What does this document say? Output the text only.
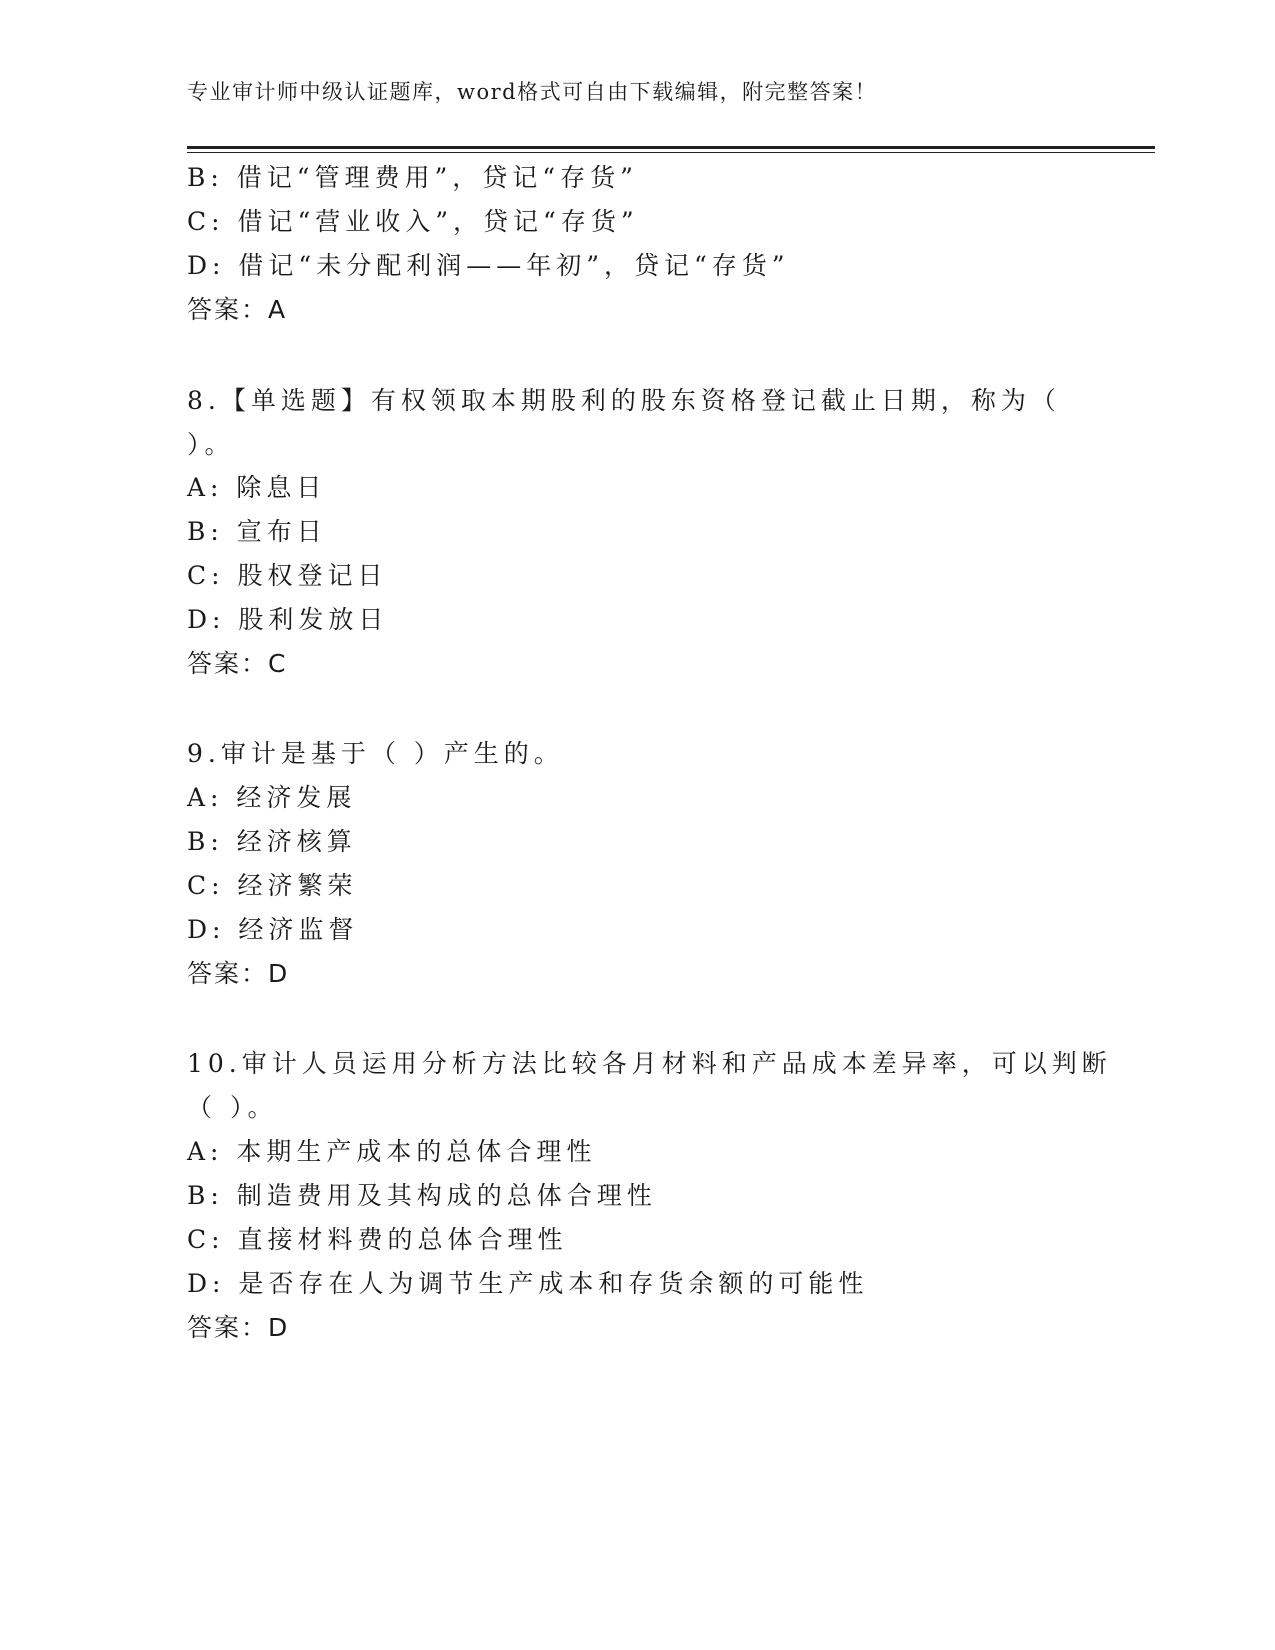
专业审计师中级认证题库，word格式可自由下载编辑，附完整答案！
B: 借记“管理费用”，贷记“存货”
C: 借记“营业收入”，贷记“存货”
D: 借记“未分配利润——年初”，贷记“存货”
答案：A
8.【单选题】有权领取本期股利的股东资格登记截止日期，称为（
）。
A: 除息日
B: 宣布日
C: 股权登记日
D: 股利发放日
答案：C
9.审计是基于（ ）产生的。
A: 经济发展
B: 经济核算
C: 经济繁荣
D: 经济监督
答案：D
10.审计人员运用分析方法比较各月材料和产品成本差异率，可以判断
（ ）。
A: 本期生产成本的总体合理性
B: 制造费用及其构成的总体合理性
C: 直接材料费的总体合理性
D: 是否存在人为调节生产成本和存货余额的可能性
答案：D
